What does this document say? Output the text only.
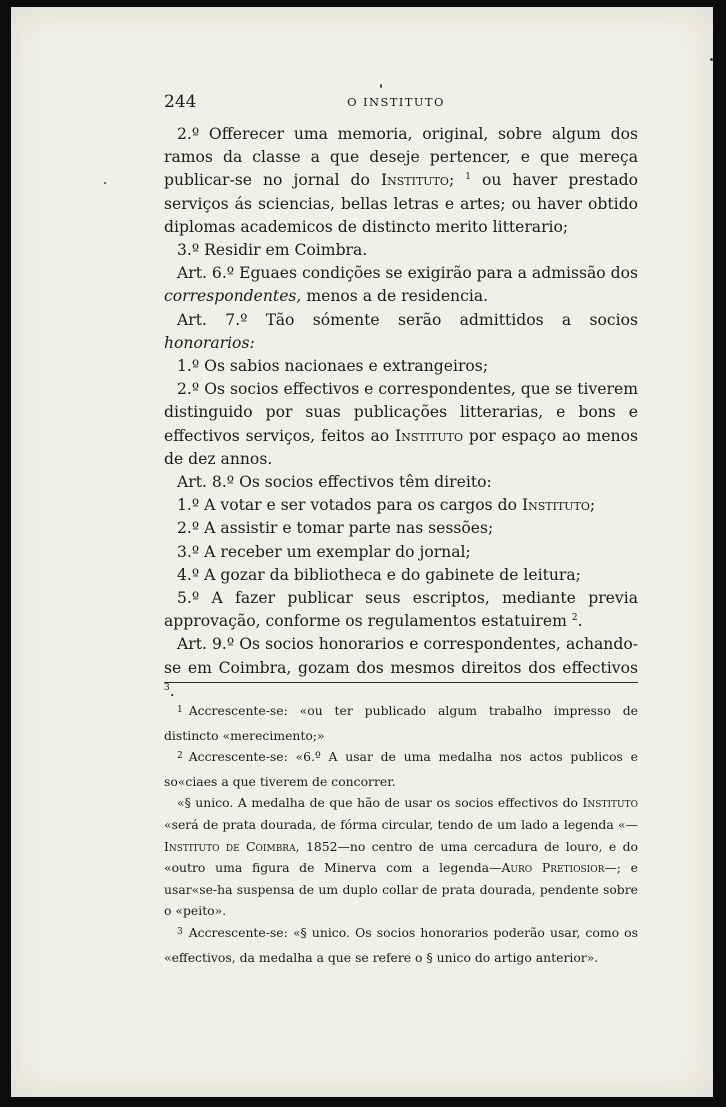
244	O INSTITUTO

2.º Offerecer uma memoria, original, sobre algum dos ramos da classe a que deseje pertencer, e que mereça publicar-se no jornal do Instituto; $^1$ ou haver prestado serviços ás sciencias, bellas letras e artes; ou haver obtido diplomas academicos de distincto merito litterario;

3.º Residir em Coimbra.

Art. 6.º Eguaes condições se exigirão para a admissão dos correspondentes, menos a de residencia.

Art. 7.º Tão sómente serão admittidos a socios honorarios:

1.º Os sabios nacionaes e extrangeiros;

2.º Os socios effectivos e correspondentes, que se tiverem distinguido por suas publicações litterarias, e bons e effectivos serviços, feitos ao Instituto por espaço ao menos de dez annos.

Art. 8.º Os socios effectivos têm direito:

1.º A votar e ser votados para os cargos do Instituto;

2.º A assistir e tomar parte nas sessões;

3.º A receber um exemplar do jornal;

4.º A gozar da bibliotheca e do gabinete de leitura;

5.º A fazer publicar seus escriptos, mediante previa approvação, conforme os regulamentos estatuirem $^2$.

Art. 9.º Os socios honorarios e correspondentes, achando-se em Coimbra, gozam dos mesmos direitos dos effectivos $^3$.

$^1$ Accrescente-se: «ou ter publicado algum trabalho impresso de distincto «merecimento;»

$^2$ Accrescente-se: «6.º A usar de uma medalha nos actos publicos e so«ciaes a que tiverem de concorrer.

«§ unico. A medalha de que hão de usar os socios effectivos do Instituto «será de prata dourada, de fórma circular, tendo de um lado a legenda «—Instituto de Coimbra, 1852—no centro de uma cercadura de louro, e do «outro uma figura de Minerva com a legenda—Auro Pretiosior—; e usar«se-ha suspensa de um duplo collar de prata dourada, pendente sobre o «peito».

$^3$ Accrescente-se: «§ unico. Os socios honorarios poderão usar, como os «effectivos, da medalha a que se refere o § unico do artigo anterior».
